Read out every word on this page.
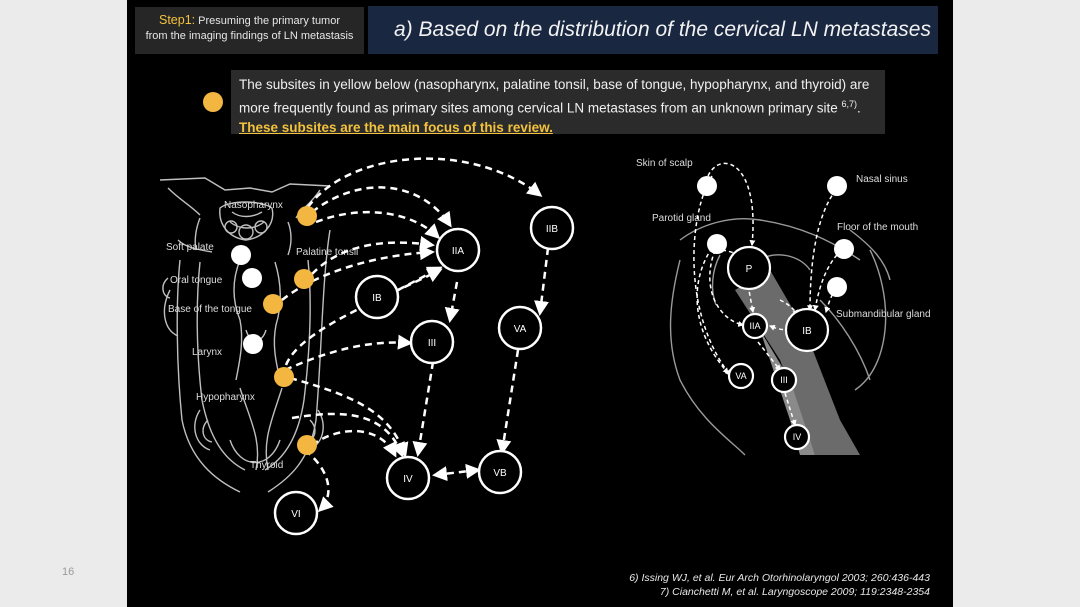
16
Step1: Presuming the primary tumor
from the imaging findings of LN metastasis	a) Based on the distribution of the cervical LN metastases
The subsites in yellow below (nasopharynx, palatine tonsil, base of tongue, hypopharynx, and thyroid) are more frequently found as primary sites among cervical LN metastases from an unknown primary site $^{6,7)}$. These subsites are the main focus of this review.
Nasopharynx
Soft palate	Palatine tonsil
Oral tongue
Base of the tongue
Larynx
Hypopharynx
Thyroid
IIA
IIB
IB
III
VA
IV
VB
VI
Skin of scalp
Nasal sinus
Parotid gland
Floor of the mouth
Submandibular gland
P
IIA	IB
VA	III
IV
6) Issing WJ, et al. Eur Arch Otorhinolaryngol 2003; 260:436-443
7) Cianchetti M, et al. Laryngoscope 2009; 119:2348-2354
